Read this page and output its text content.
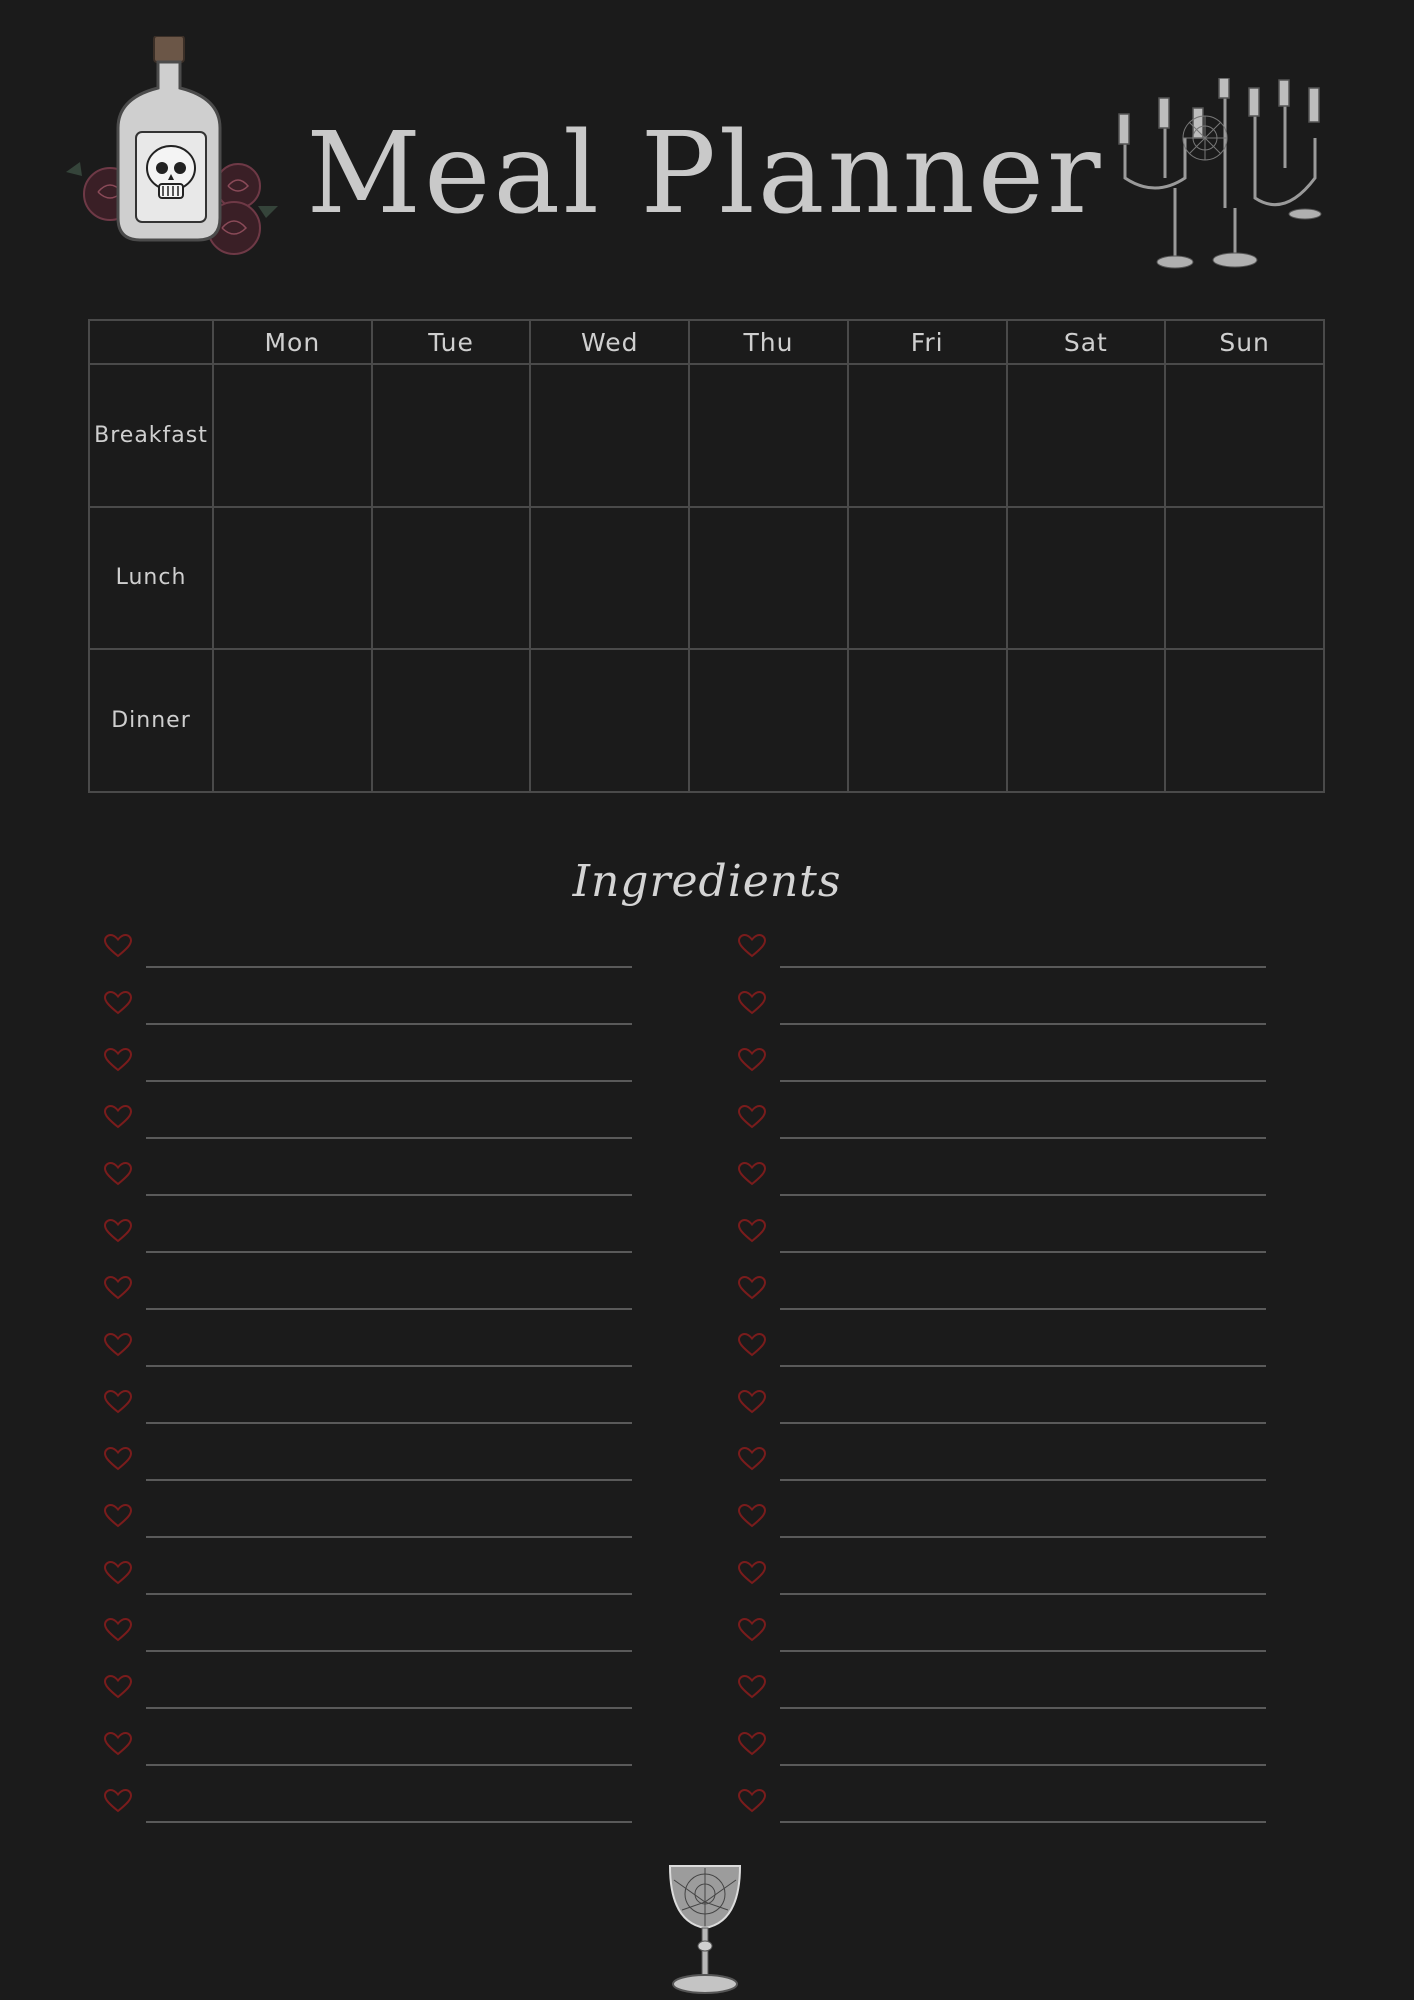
Meal Planner
	Mon	Tue	Wed	Thu	Fri	Sat	Sun
Breakfast							
Lunch							
Dinner							
Ingredients
